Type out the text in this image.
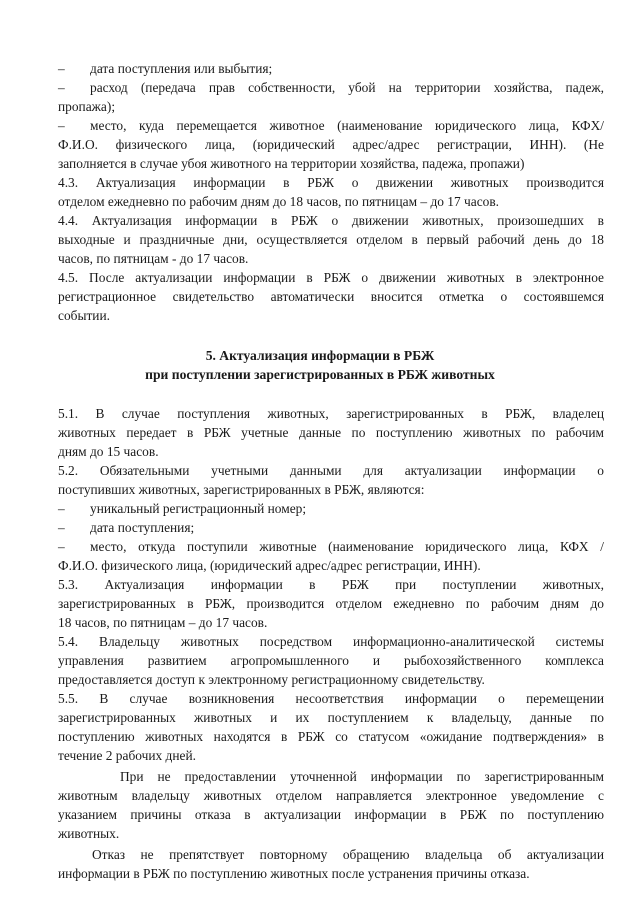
– дата поступления или выбытия;
– расход (передача прав собственности, убой на территории хозяйства, падеж,
пропажа);
– место, куда перемещается животное (наименование юридического лица, КФХ/
Ф.И.О. физического лица, (юридический адрес/адрес регистрации, ИНН). (Не
заполняется в случае убоя животного на территории хозяйства, падежа, пропажи)
4.3. Актуализация информации в РБЖ о движении животных производится
отделом ежедневно по рабочим дням до 18 часов, по пятницам – до 17 часов.
4.4. Актуализация информации в РБЖ о движении животных, произошедших в
выходные и праздничные дни, осуществляется отделом в первый рабочий день до 18
часов, по пятницам - до 17 часов.
4.5. После актуализации информации в РБЖ о движении животных в электронное
регистрационное свидетельство автоматически вносится отметка о состоявшемся
событии.
5. Актуализация информации в РБЖ
при поступлении зарегистрированных в РБЖ животных
5.1. В случае поступления животных, зарегистрированных в РБЖ, владелец
животных передает в РБЖ учетные данные по поступлению животных по рабочим
дням до 15 часов.
5.2. Обязательными учетными данными для актуализации информации о
поступивших животных, зарегистрированных в РБЖ, являются:
– уникальный регистрационный номер;
– дата поступления;
– место, откуда поступили животные (наименование юридического лица, КФХ /
Ф.И.О. физического лица, (юридический адрес/адрес регистрации, ИНН).
5.3. Актуализация информации в РБЖ при поступлении животных,
зарегистрированных в РБЖ, производится отделом ежедневно по рабочим дням до
18 часов, по пятницам – до 17 часов.
5.4. Владельцу животных посредством информационно-аналитической системы
управления развитием агропромышленного и рыбохозяйственного комплекса
предоставляется доступ к электронному регистрационному свидетельству.
5.5. В случае возникновения несоответствия информации о перемещении
зарегистрированных животных и их поступлением к владельцу, данные по
поступлению животных находятся в РБЖ со статусом «ожидание подтверждения» в
течение 2 рабочих дней.
При не предоставлении уточненной информации по зарегистрированным
животным владельцу животных отделом направляется электронное уведомление с
указанием причины отказа в актуализации информации в РБЖ по поступлению
животных.
Отказ не препятствует повторному обращению владельца об актуализации
информации в РБЖ по поступлению животных после устранения причины отказа.
